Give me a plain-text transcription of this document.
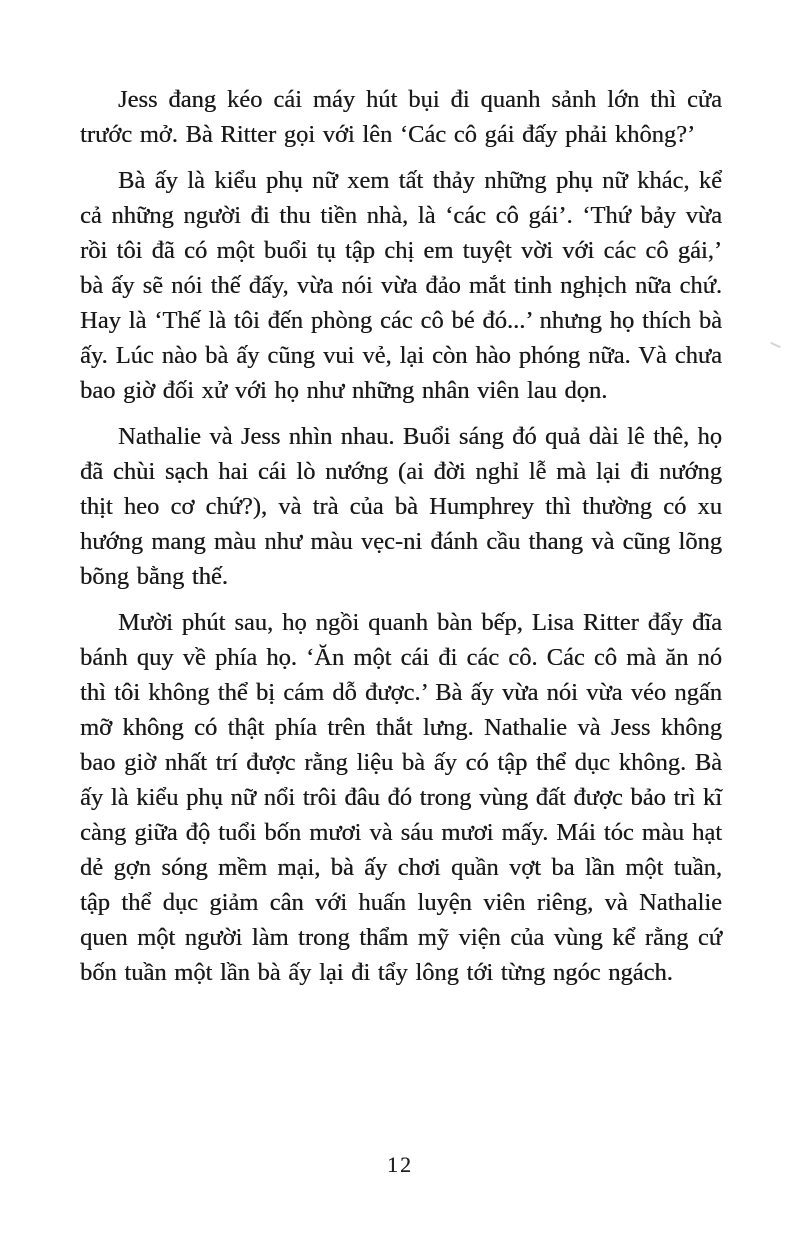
Jess đang kéo cái máy hút bụi đi quanh sảnh lớn thì cửa trước mở. Bà Ritter gọi với lên ‘Các cô gái đấy phải không?’

Bà ấy là kiểu phụ nữ xem tất thảy những phụ nữ khác, kể cả những người đi thu tiền nhà, là ‘các cô gái’. ‘Thứ bảy vừa rồi tôi đã có một buổi tụ tập chị em tuyệt vời với các cô gái,’ bà ấy sẽ nói thế đấy, vừa nói vừa đảo mắt tinh nghịch nữa chứ. Hay là ‘Thế là tôi đến phòng các cô bé đó...’ nhưng họ thích bà ấy. Lúc nào bà ấy cũng vui vẻ, lại còn hào phóng nữa. Và chưa bao giờ đối xử với họ như những nhân viên lau dọn.

Nathalie và Jess nhìn nhau. Buổi sáng đó quả dài lê thê, họ đã chùi sạch hai cái lò nướng (ai đời nghỉ lễ mà lại đi nướng thịt heo cơ chứ?), và trà của bà Humphrey thì thường có xu hướng mang màu như màu vẹc-ni đánh cầu thang và cũng lõng bõng bằng thế.

Mười phút sau, họ ngồi quanh bàn bếp, Lisa Ritter đẩy đĩa bánh quy về phía họ. ‘Ăn một cái đi các cô. Các cô mà ăn nó thì tôi không thể bị cám dỗ được.’ Bà ấy vừa nói vừa véo ngấn mỡ không có thật phía trên thắt lưng. Nathalie và Jess không bao giờ nhất trí được rằng liệu bà ấy có tập thể dục không. Bà ấy là kiểu phụ nữ nổi trôi đâu đó trong vùng đất được bảo trì kĩ càng giữa độ tuổi bốn mươi và sáu mươi mấy. Mái tóc màu hạt dẻ gợn sóng mềm mại, bà ấy chơi quần vợt ba lần một tuần, tập thể dục giảm cân với huấn luyện viên riêng, và Nathalie quen một người làm trong thẩm mỹ viện của vùng kể rằng cứ bốn tuần một lần bà ấy lại đi tẩy lông tới từng ngóc ngách.

12
